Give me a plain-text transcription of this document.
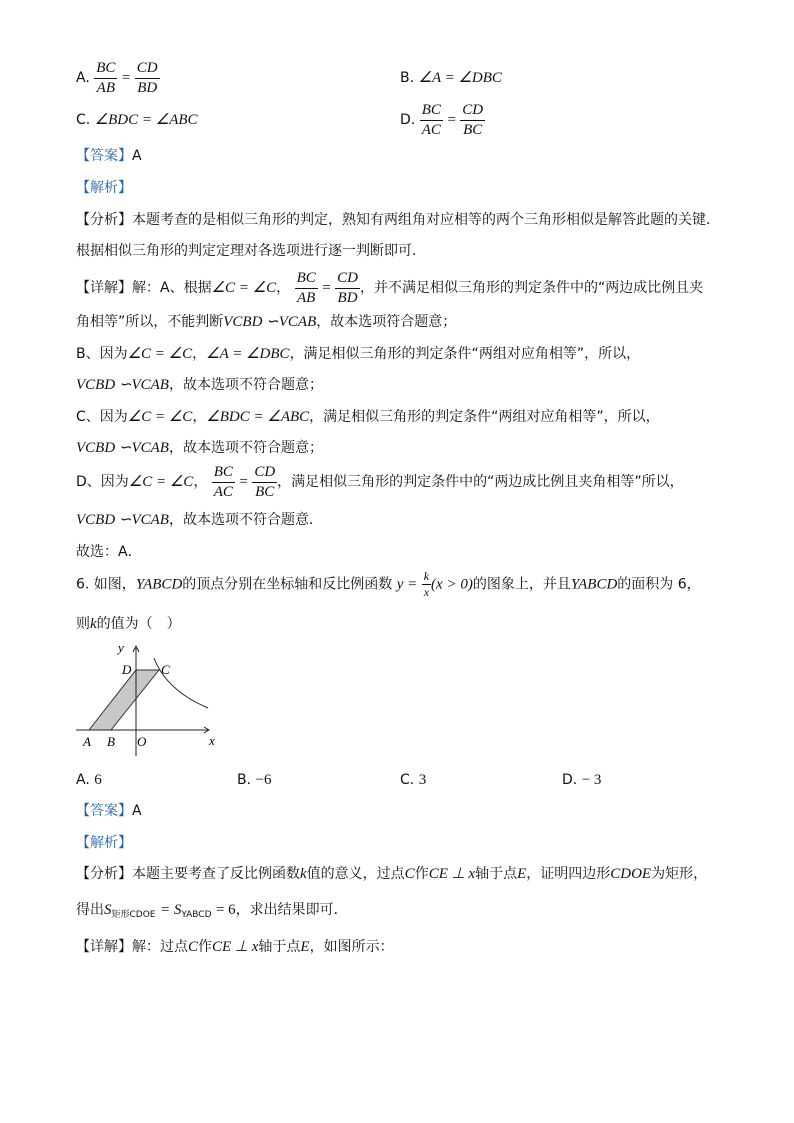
A. $\frac{BC}{AB} = \frac{CD}{BD}$	B. ∠A = ∠DBC
C. ∠BDC = ∠ABC	D. $\frac{BC}{AC} = \frac{CD}{BC}$
【答案】A
【解析】
【分析】本题考查的是相似三角形的判定，熟知有两组角对应相等的两个三角形相似是解答此题的关键．
根据相似三角形的判定定理对各选项进行逐一判断即可．
【详解】解：A、根据∠C = ∠C， $\frac{BC}{AB} = \frac{CD}{BD}$ ，并不满足相似三角形的判定条件中的“两边成比例且夹
角相等”所以，不能判断VCBD ∽VCAB，故本选项符合题意；
B、因为∠C = ∠C，∠A = ∠DBC，满足相似三角形的判定条件“两组对应角相等”，所以，
VCBD ∽VCAB，故本选项不符合题意；
C、因为∠C = ∠C，∠BDC = ∠ABC，满足相似三角形的判定条件“两组对应角相等”，所以，
VCBD ∽VCAB，故本选项不符合题意；
D、因为∠C = ∠C， $\frac{BC}{AC} = \frac{CD}{BC}$ ，满足相似三角形的判定条件中的“两边成比例且夹角相等”所以，
VCBD ∽VCAB，故本选项不符合题意．
故选：A．
6. 如图，YABCD的顶点分别在坐标轴和反比例函数 $y = \frac{k}{x} (x > 0)$的图象上，并且YABCD的面积为 6，
则k的值为（　）
y
x
D C
A B O
A. 6	B. −6	C. 3	D. − 3
【答案】A
【解析】
【分析】本题主要考查了反比例函数k值的意义，过点C作CE ⊥ x轴于点E，证明四边形CDOE为矩形，
得出$S_{矩形CDOE} = S_{YABCD} = 6$，求出结果即可．
【详解】解：过点C作CE ⊥ x轴于点E，如图所示：
